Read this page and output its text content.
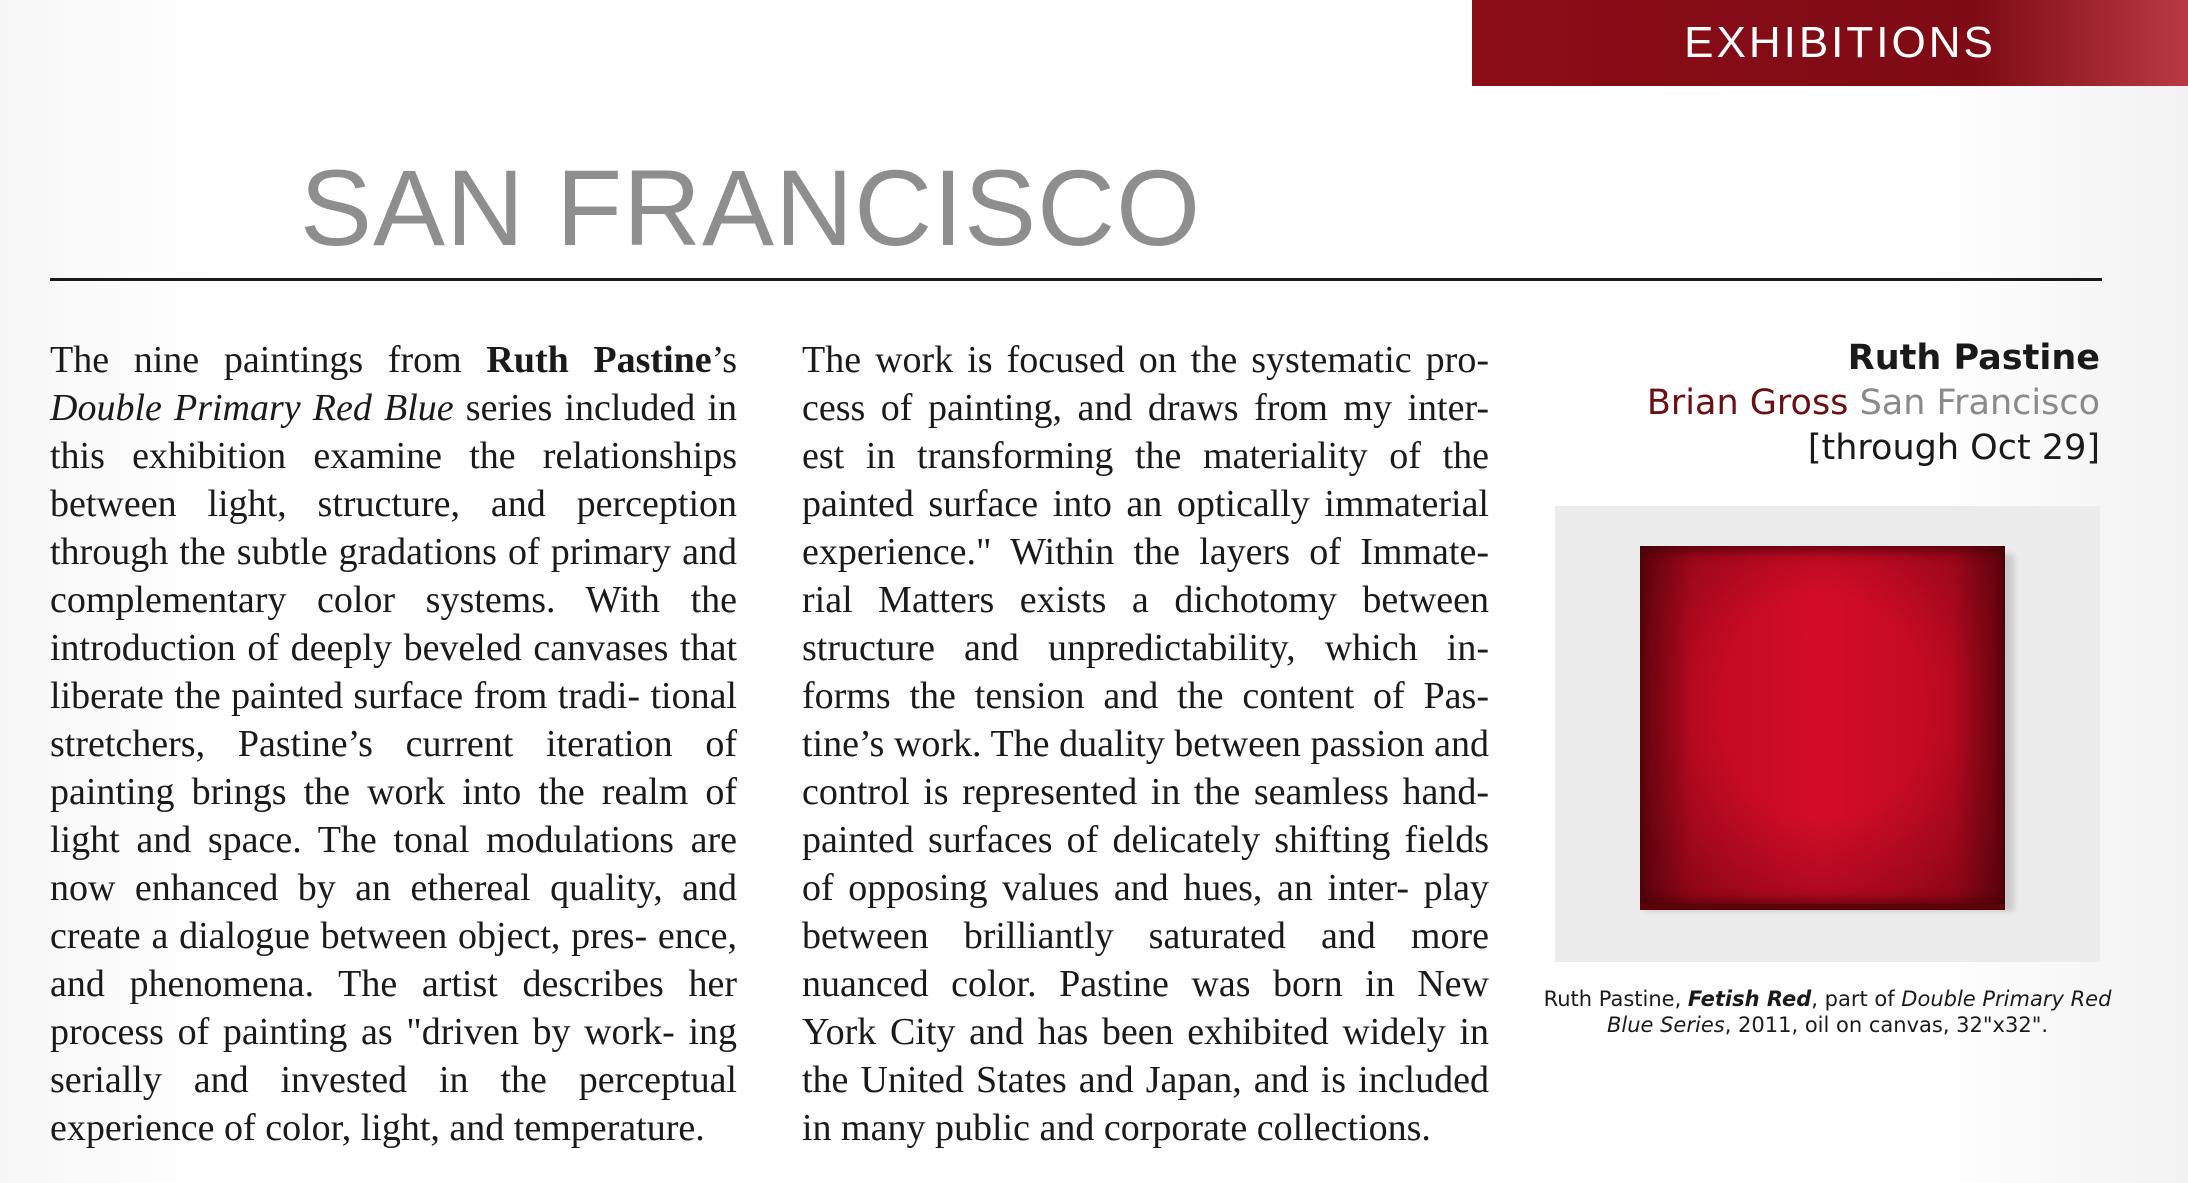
EXHIBITIONS
SAN FRANCISCO

The nine paintings from Ruth Pastine’s Double Primary Red Blue series included in this exhibition examine the relationships between light, structure, and perception through the subtle gradations of primary and complementary color systems. With the introduction of deeply beveled canvases that liberate the painted surface from tradi- tional stretchers, Pastine’s current iteration of painting brings the work into the realm of light and space. The tonal modulations are now enhanced by an ethereal quality, and create a dialogue between object, pres- ence, and phenomena. The artist describes her process of painting as "driven by work- ing serially and invested in the perceptual experience of color, light, and temperature.

The work is focused on the systematic pro- cess of painting, and draws from my inter- est in transforming the materiality of the painted surface into an optically immaterial experience." Within the layers of Immate- rial Matters exists a dichotomy between structure and unpredictability, which in- forms the tension and the content of Pas- tine’s work. The duality between passion and control is represented in the seamless hand-painted surfaces of delicately shifting fields of opposing values and hues, an inter- play between brilliantly saturated and more nuanced color. Pastine was born in New York City and has been exhibited widely in the United States and Japan, and is included in many public and corporate collections.

Ruth Pastine
Brian Gross San Francisco
[through Oct 29]
Ruth Pastine, Fetish Red, part of Double Primary Red Blue Series, 2011, oil on canvas, 32"x32".
